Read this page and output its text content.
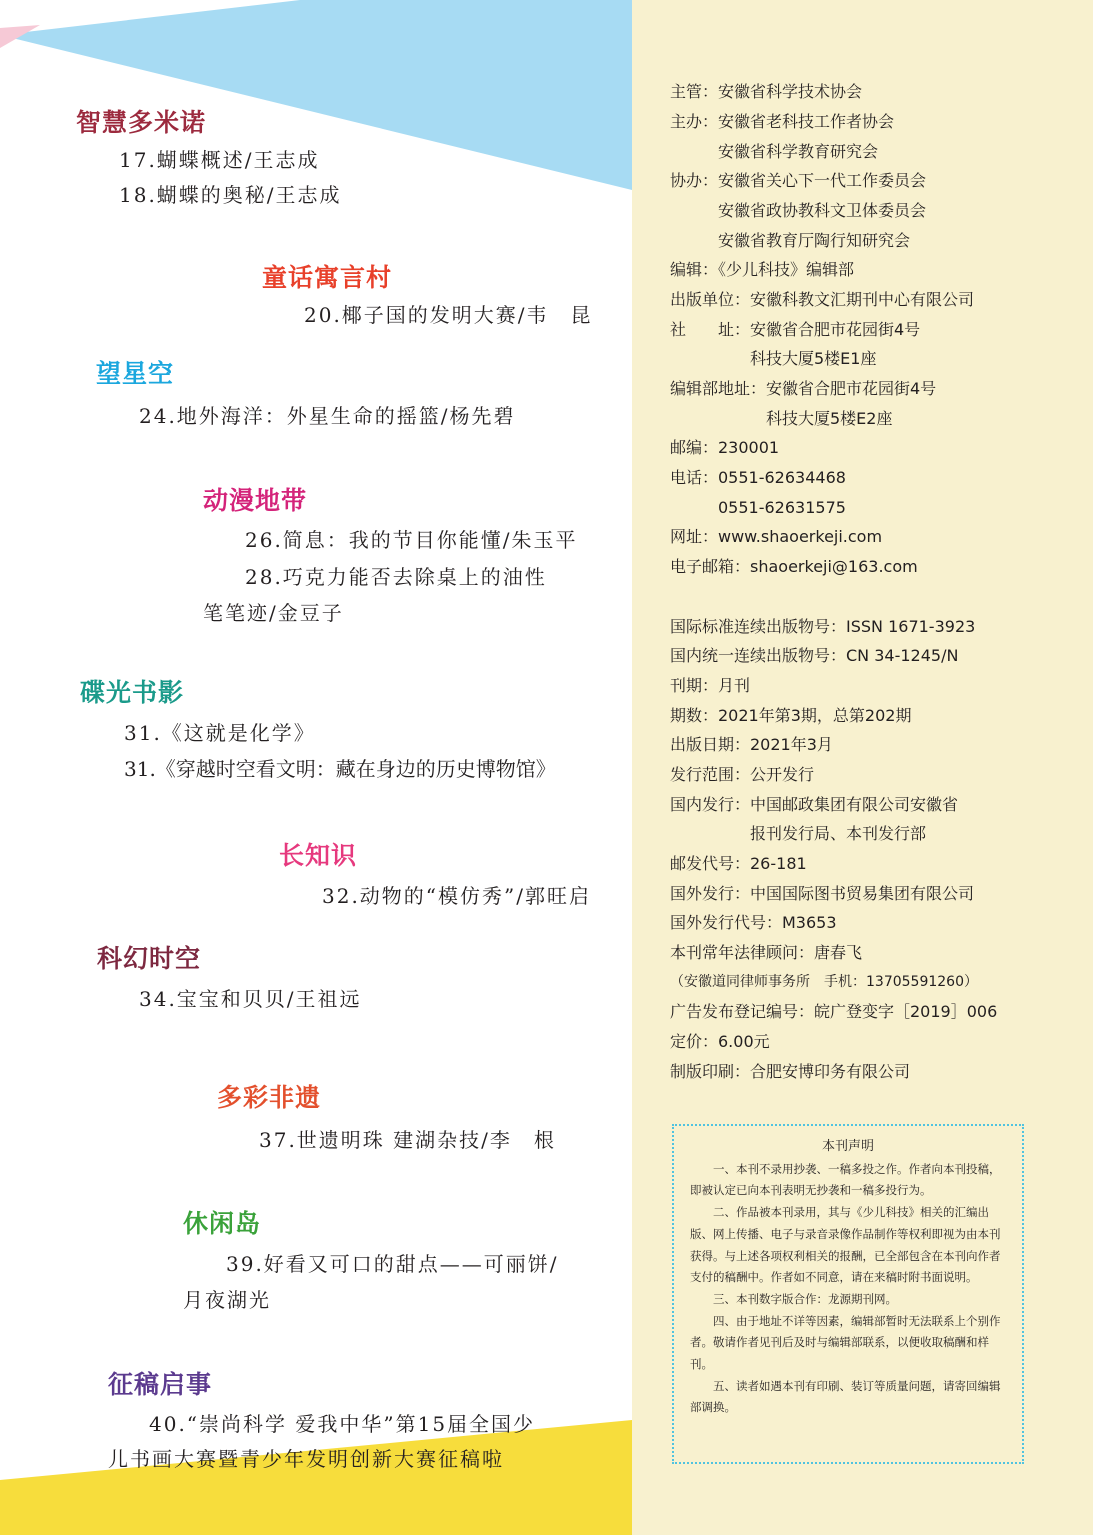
智慧多米诺
17.蝴蝶概述/王志成
18.蝴蝶的奥秘/王志成
童话寓言村
20.椰子国的发明大赛/韦　昆
望星空
24.地外海洋：外星生命的摇篮/杨先碧
动漫地带
26.简息：我的节目你能懂/朱玉平
28.巧克力能否去除桌上的油性
笔笔迹/金豆子
碟光书影
31.《这就是化学》
31.《穿越时空看文明：藏在身边的历史博物馆》
长知识
32.动物的“模仿秀”/郭旺启
科幻时空
34.宝宝和贝贝/王祖远
多彩非遗
37.世遗明珠 建湖杂技/李　根
休闲岛
39.好看又可口的甜点——可丽饼/
月夜湖光
征稿启事
40.“崇尚科学 爱我中华”第15届全国少
儿书画大赛暨青少年发明创新大赛征稿啦
主管：安徽省科学技术协会
主办：安徽省老科技工作者协会
　　　安徽省科学教育研究会
协办：安徽省关心下一代工作委员会
　　　安徽省政协教科文卫体委员会
　　　安徽省教育厅陶行知研究会
编辑：《少儿科技》编辑部
出版单位：安徽科教文汇期刊中心有限公司
社　　址：安徽省合肥市花园街4号
　　　　　科技大厦5楼E1座
编辑部地址：安徽省合肥市花园街4号
　　　　　　科技大厦5楼E2座
邮编：230001
电话：0551-62634468
　　　0551-62631575
网址：www.shaoerkeji.com
电子邮箱：shaoerkeji@163.com
国际标准连续出版物号：ISSN 1671-3923
国内统一连续出版物号：CN 34-1245/N
刊期：月刊
期数：2021年第3期，总第202期
出版日期：2021年3月
发行范围：公开发行
国内发行：中国邮政集团有限公司安徽省
　　　　　报刊发行局、本刊发行部
邮发代号：26-181
国外发行：中国国际图书贸易集团有限公司
国外发行代号：M3653
本刊常年法律顾问：唐春飞
（安徽道同律师事务所　手机：13705591260）
广告发布登记编号：皖广登变字［2019］006
定价：6.00元
制版印刷：合肥安博印务有限公司
本刊声明
一、本刊不录用抄袭、一稿多投之作。作者向本刊投稿，即被认定已向本刊表明无抄袭和一稿多投行为。
二、作品被本刊录用，其与《少儿科技》相关的汇编出版、网上传播、电子与录音录像作品制作等权利即视为由本刊获得。与上述各项权利相关的报酬，已全部包含在本刊向作者支付的稿酬中。作者如不同意，请在来稿时附书面说明。
三、本刊数字版合作：龙源期刊网。
四、由于地址不详等因素，编辑部暂时无法联系上个别作者。敬请作者见刊后及时与编辑部联系，以便收取稿酬和样刊。
五、读者如遇本刊有印刷、装订等质量问题，请寄回编辑部调换。
